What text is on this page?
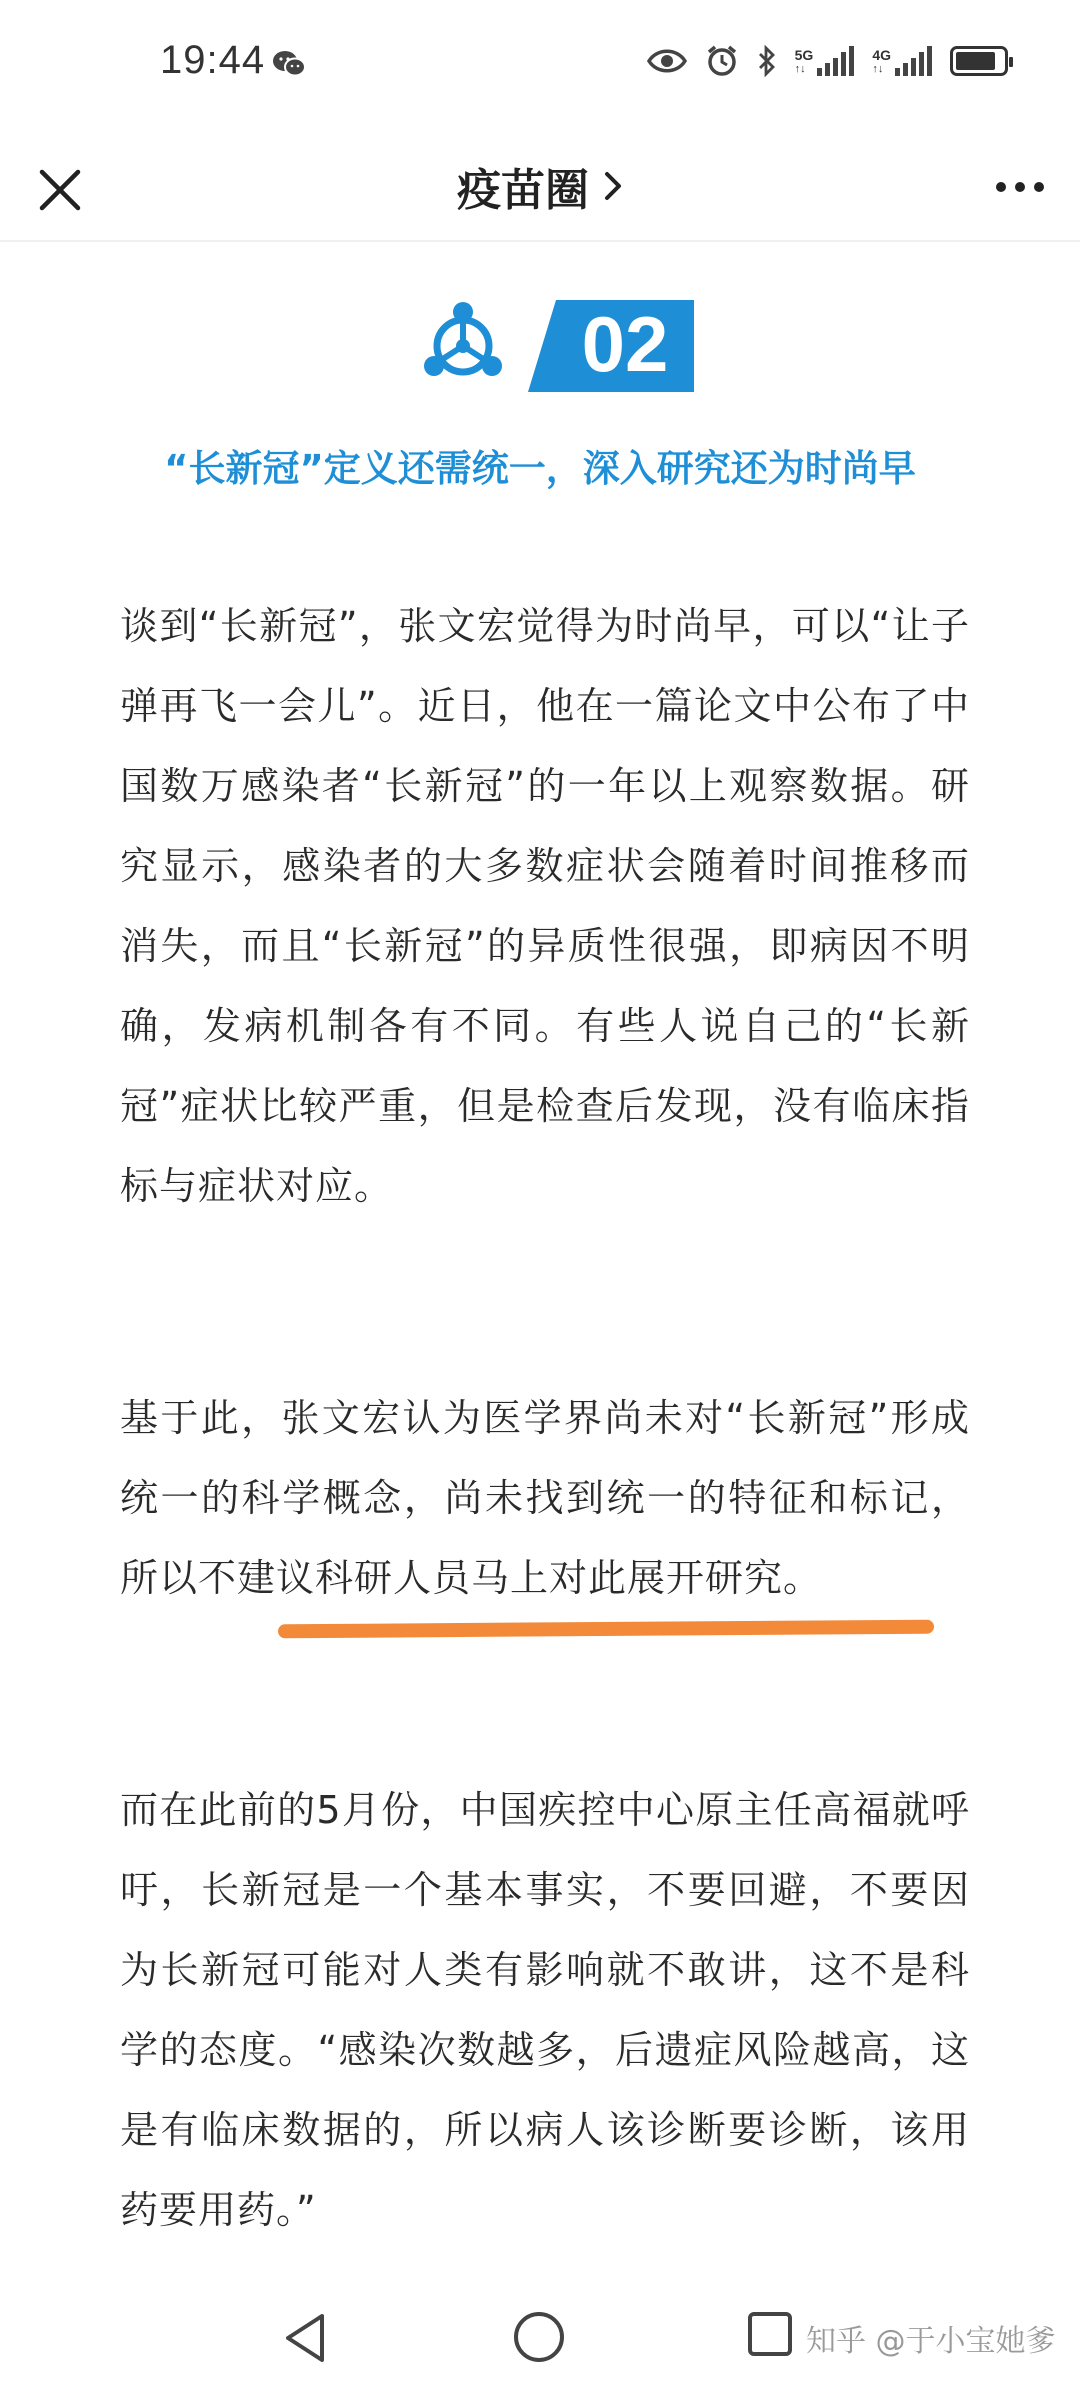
19:44	5G
↑↓
4G
↑↓
疫苗圈
02
“长新冠”定义还需统一，深入研究还为时尚早

谈到“长新冠”，张文宏觉得为时尚早，可以“让子弹再飞一会儿”。近日，他在一篇论文中公布了中国数万感染者“长新冠”的一年以上观察数据。研究显示，感染者的大多数症状会随着时间推移而消失，而且“长新冠”的异质性很强，即病因不明确，发病机制各有不同。有些人说自己的“长新冠”症状比较严重，但是检查后发现，没有临床指标与症状对应。

基于此，张文宏认为医学界尚未对“长新冠”形成统一的科学概念，尚未找到统一的特征和标记，所以不建议科研人员马上对此展开研究。

而在此前的5月份，中国疾控中心原主任高福就呼吁，长新冠是一个基本事实，不要回避，不要因为长新冠可能对人类有影响就不敢讲，这不是科学的态度。“感染次数越多，后遗症风险越高，这是有临床数据的，所以病人该诊断要诊断，该用药要用药。”

知乎 @于小宝她爹
